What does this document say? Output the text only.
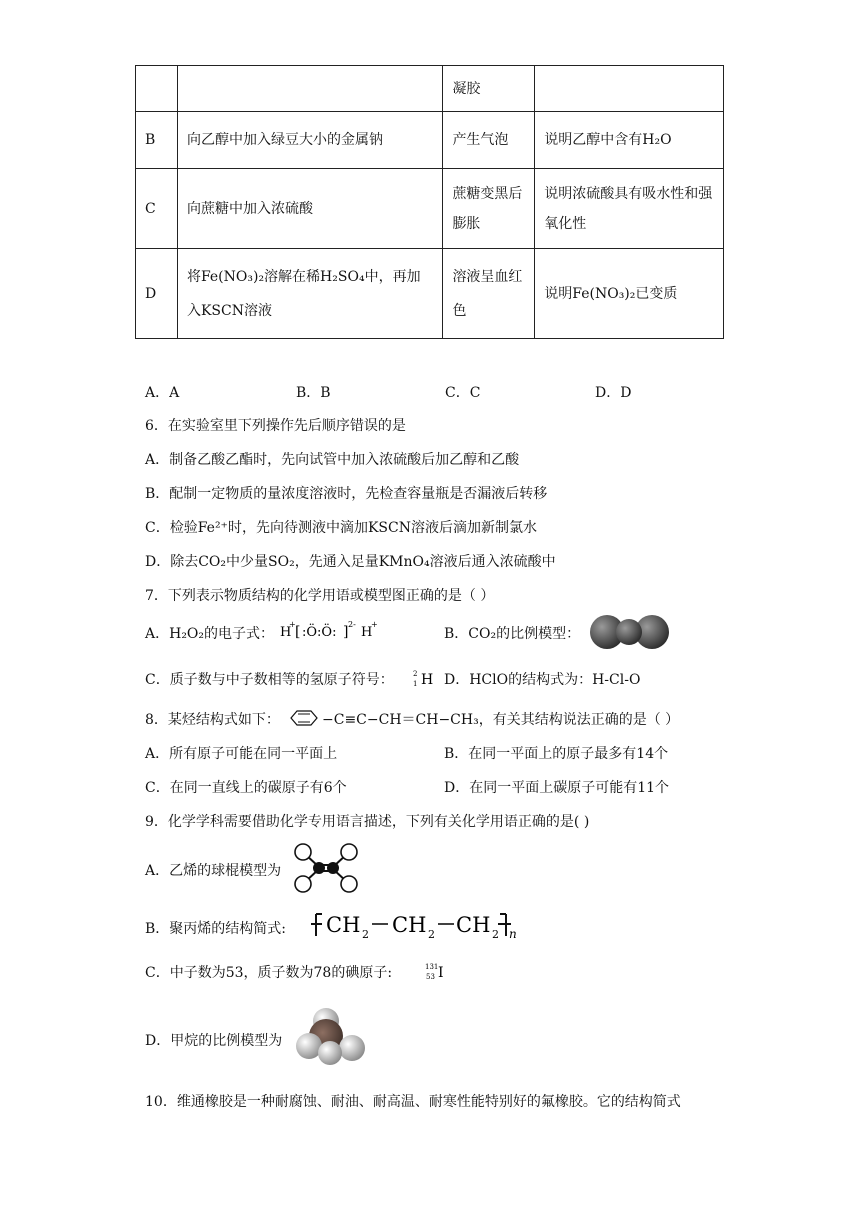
		凝胶	
B	向乙醇中加入绿豆大小的金属钠	产生气泡	说明乙醇中含有H₂O
C	向蔗糖中加入浓硫酸	蔗糖变黑后膨胀	说明浓硫酸具有吸水性和强氧化性
D	将Fe(NO₃)₂溶解在稀H₂SO₄中，再加入KSCN溶液	溶液呈血红色	说明Fe(NO₃)₂已变质
A．A	B．B	C．C	D．D
6．在实验室里下列操作先后顺序错误的是
A．制备乙酸乙酯时，先向试管中加入浓硫酸后加乙醇和乙酸
B．配制一定物质的量浓度溶液时，先检查容量瓶是否漏液后转移
C．检验Fe²⁺时，先向待测液中滴加KSCN溶液后滴加新制氯水
D．除去CO₂中少量SO₂，先通入足量KMnO₄溶液后通入浓硫酸中
7．下列表示物质结构的化学用语或模型图正确的是（ ）
A．H₂O₂的电子式： H
+ [ :Ö:Ö: ] 2-
H
+
B．CO₂的比例模型：
C．质子数与中子数相等的氢原子符号：	2
1 H D．HClO的结构式为：H-Cl-O
8．某烃结构式如下：	−C≡C−CH＝CH−CH₃，有关其结构说法正确的是（ ）
A．所有原子可能在同一平面上	B．在同一平面上的原子最多有14个
C．在同一直线上的碳原子有6个	D．在同一平面上碳原子可能有11个
9．化学学科需要借助化学专用语言描述，下列有关化学用语正确的是( )
A．乙烯的球棍模型为
B．聚丙烯的结构简式: CH 2 CH 2 CH 2 n
C．中子数为53，质子数为78的碘原子:	131
53 I
D．甲烷的比例模型为
10．维通橡胶是一种耐腐蚀、耐油、耐高温、耐寒性能特别好的氟橡胶。它的结构简式
